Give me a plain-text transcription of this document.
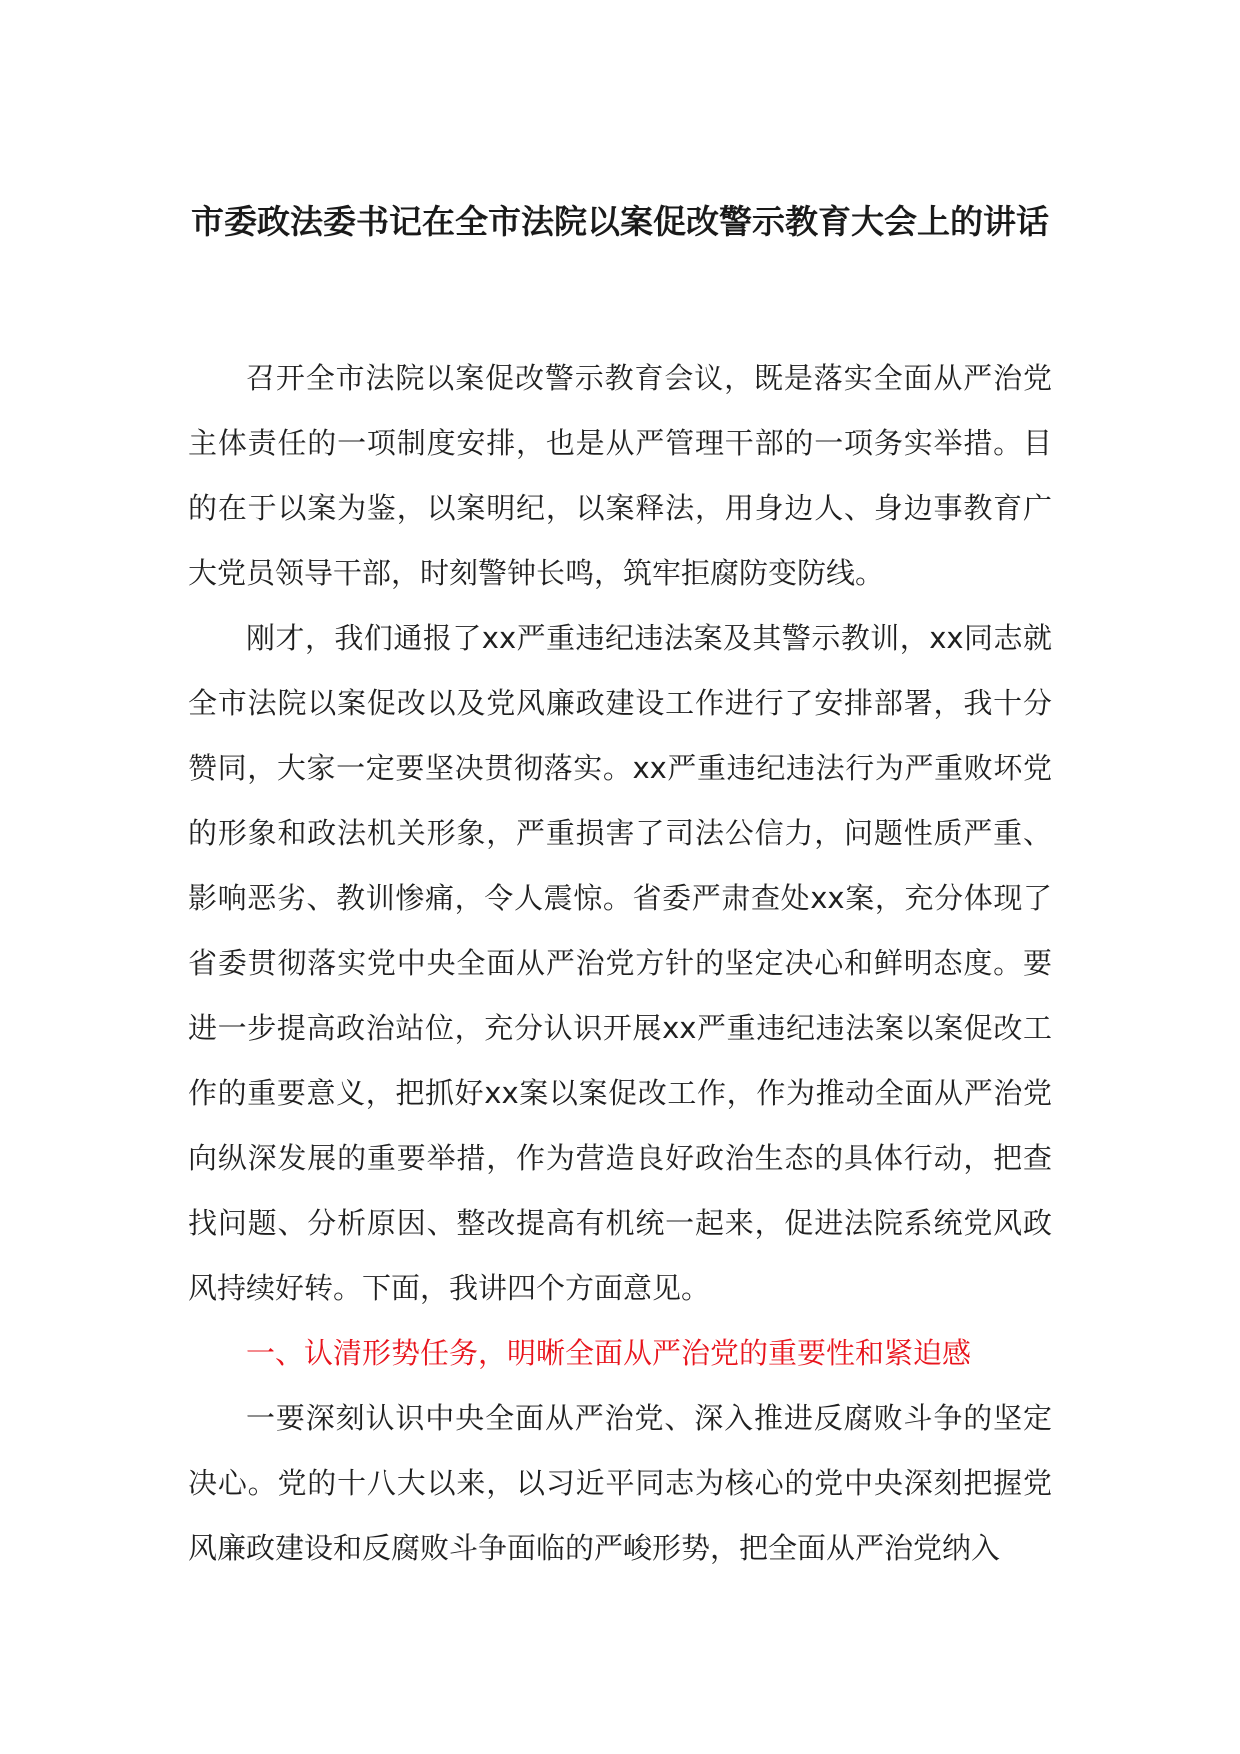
市委政法委书记在全市法院以案促改警示教育大会上的讲话

召开全市法院以案促改警示教育会议，既是落实全面从严治党主体责任的一项制度安排，也是从严管理干部的一项务实举措。目的在于以案为鉴，以案明纪，以案释法，用身边人、身边事教育广大党员领导干部，时刻警钟长鸣，筑牢拒腐防变防线。

刚才，我们通报了xx严重违纪违法案及其警示教训，xx同志就全市法院以案促改以及党风廉政建设工作进行了安排部署，我十分赞同，大家一定要坚决贯彻落实。xx严重违纪违法行为严重败坏党的形象和政法机关形象，严重损害了司法公信力，问题性质严重、影响恶劣、教训惨痛，令人震惊。省委严肃查处xx案，充分体现了省委贯彻落实党中央全面从严治党方针的坚定决心和鲜明态度。要进一步提高政治站位，充分认识开展xx严重违纪违法案以案促改工作的重要意义，把抓好xx案以案促改工作，作为推动全面从严治党向纵深发展的重要举措，作为营造良好政治生态的具体行动，把查找问题、分析原因、整改提高有机统一起来，促进法院系统党风政风持续好转。下面，我讲四个方面意见。

一、认清形势任务，明晰全面从严治党的重要性和紧迫感

一要深刻认识中央全面从严治党、深入推进反腐败斗争的坚定决心。党的十八大以来，以习近平同志为核心的党中央深刻把握党风廉政建设和反腐败斗争面临的严峻形势，把全面从严治党纳入
